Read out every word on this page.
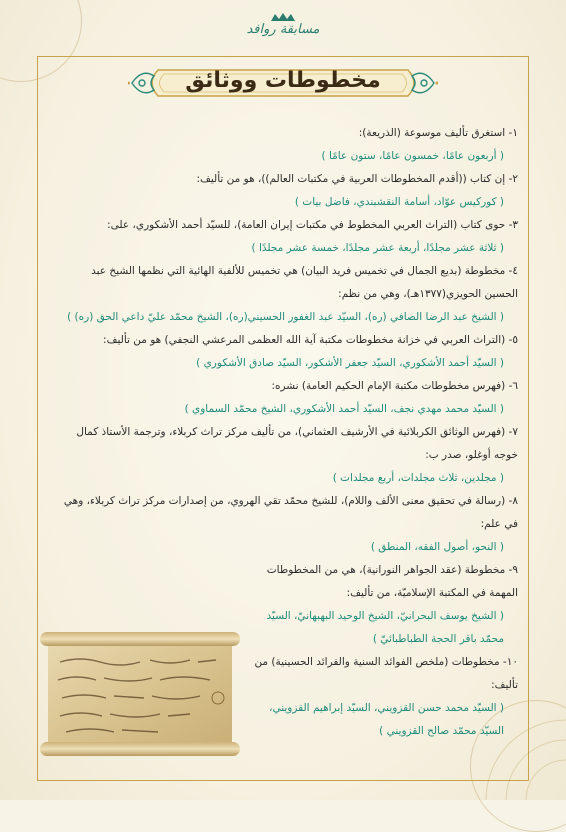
مسابقة روافد
مخطوطات ووثائق

١- استغرق تأليف موسوعة (الذريعة):

( أربعون عامًا، خمسون عامًا، ستون عامًا )

٢- إن كتاب ((أقدم المخطوطات العربية في مكتبات العالم))، هو من تأليف:

( كوركيس عوّاد، أسامة النقشبندي، فاضل بيات )

٣- حوى كتاب (التراث العربي المخطوط في مكتبات إيران العامة)، للسيّد أحمد الأشكوري، على:

( ثلاثة عشر مجلدًا، أربعة عشر مجلدًا، خمسة عشر مجلدًا )

٤- مخطوطة (بديع الجمال في تخميس فريد البيان) هي تخميس للألفية الهائية التي نظمها الشيخ عبد الحسين الحويزي(١٣٧٧هـ)، وهي من نظم:

( الشيخ عبد الرضا الصافي (ره)، السيّد عبد الغفور الحسيني(ره)، الشيخ محمّد عليّ داعي الحق (ره) )

٥- (التراث العربي في خزانة مخطوطات مكتبة آية الله العظمى المرعشي النجفي) هو من تأليف:

( السيّد أحمد الأشكوري، السيّد جعفر الأشكور، السيّد صادق الأشكوري )

٦- (فهرس مخطوطات مكتبة الإمام الحكيم العامة) نشره:

( السيّد محمد مهدي نجف، السيّد أحمد الأشكوري، الشيخ محمّد السماوي )

٧- (فهرس الوثائق الكربلائية في الأرشيف العثماني)، من تأليف مركز تراث كربلاء، وترجمة الأستاذ كمال خوجه أوغلو، صدر ب:

( مجلدين، ثلاث مجلدات، أربع مجلدات )

٨- (رسالة في تحقيق معنى الألف واللام)، للشيخ محمّد تقي الهروي، من إصدارات مركز تراث كربلاء، وهي في علم:

( النحو، أصول الفقه، المنطق )

٩- مخطوطة (عقد الجواهر النورانية)، هي من المخطوطات المهمة في المكتبة الإسلاميّة، من تأليف:

( الشيخ يوسف البحرانيّ، الشيخ الوحيد البهبهانيّ، السيّد محمّد باقر الحجة الطباطبائيّ )

١٠- مخطوطات (ملخص الفوائد السنية والفرائد الحسينية) من تأليف:

( السيّد محمد حسن القزويني، السيّد إبراهيم القزويني، السيّد محمّد صالح القزويني )
